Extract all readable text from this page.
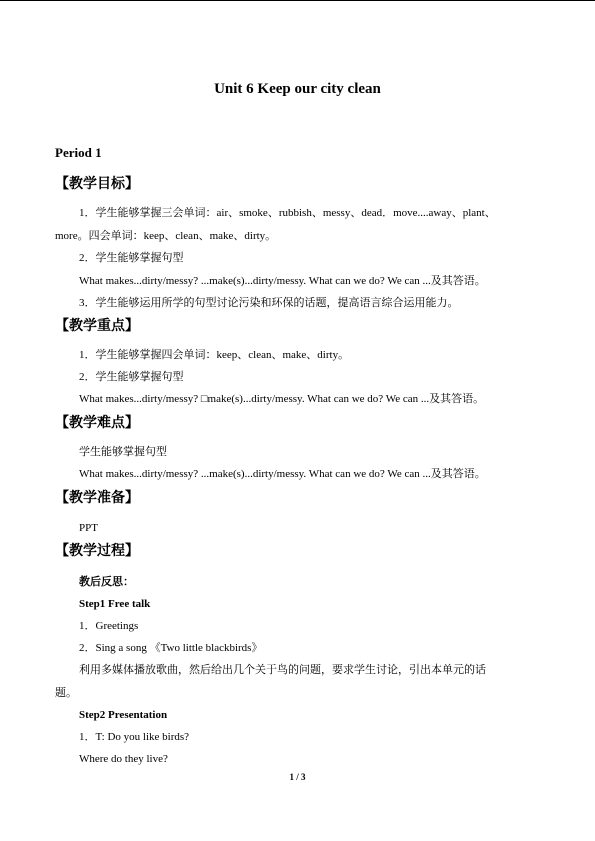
Unit 6 Keep our city clean
Period 1
【教学目标】
1．学生能够掌握三会单词：air、smoke、rubbish、messy、dead．move....away、plant、
more。四会单词：keep、clean、make、dirty。
2．学生能够掌握句型
What makes...dirty/messy? ...make(s)...dirty/messy. What can we do? We can ...及其答语。
3．学生能够运用所学的句型讨论污染和环保的话题，提高语言综合运用能力。
【教学重点】
1．学生能够掌握四会单词：keep、clean、make、dirty。
2．学生能够掌握句型
What makes...dirty/messy? □make(s)...dirty/messy. What can we do? We can ...及其答语。
【教学难点】
学生能够掌握句型
What makes...dirty/messy? ...make(s)...dirty/messy. What can we do? We can ...及其答语。
【教学准备】
PPT
【教学过程】
教后反思：
Step1 Free talk
1．Greetings
2．Sing a song 《Two little blackbirds》
利用多媒体播放歌曲，然后给出几个关于鸟的问题，要求学生讨论，引出本单元的话
题。
Step2 Presentation
1．T: Do you like birds?
Where do they live?
1 / 3
